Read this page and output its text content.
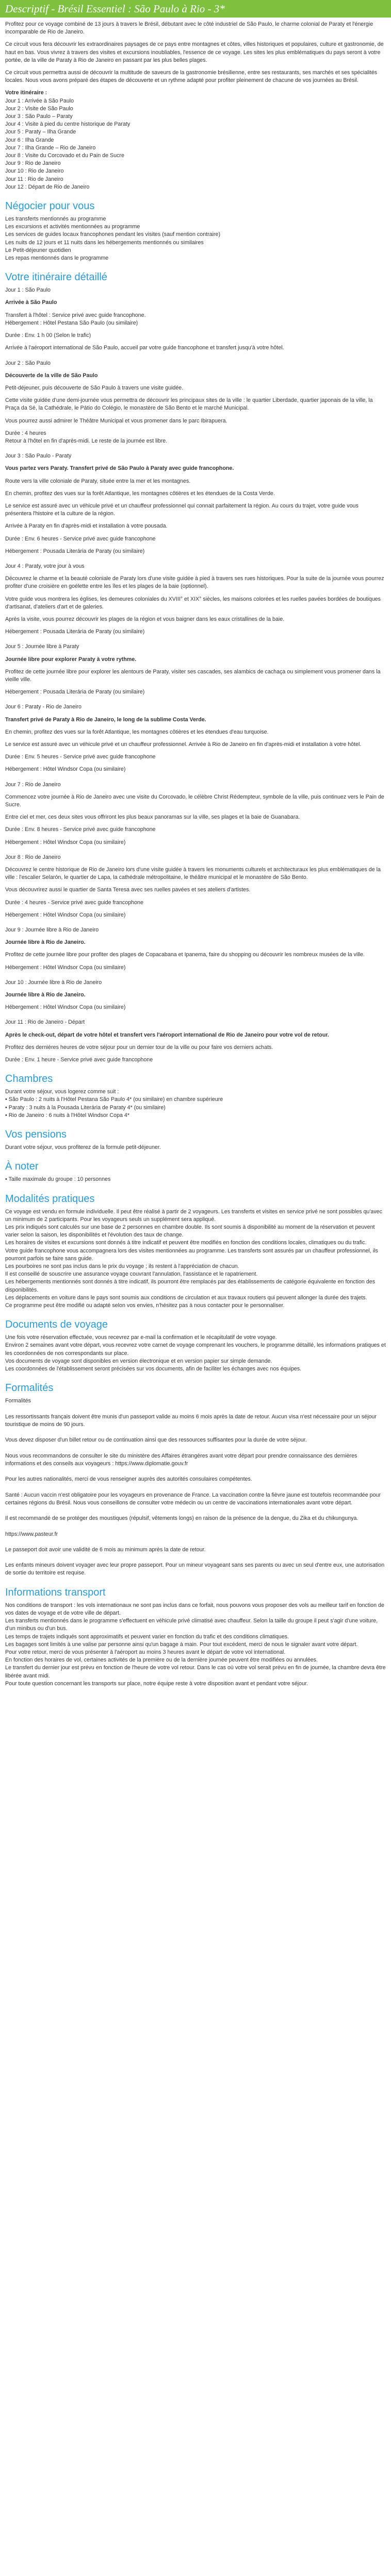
Descriptif - Brésil Essentiel : São Paulo à Rio - 3*

Profitez pour ce voyage combiné de 13 jours à travers le Brésil, débutant avec le côté industriel de São Paulo, le charme colonial de Paraty et l'énergie incomparable de Rio de Janeiro.

Ce circuit vous fera découvrir les extraordinaires paysages de ce pays entre montagnes et côtes, villes historiques et populaires, culture et gastronomie, de haut en bas. Vous vivrez à travers des visites et excursions inoubliables, l'essence de ce voyage. Les sites les plus emblématiques du pays seront à votre portée, de la ville de Paraty à Rio de Janeiro en passant par les plus belles plages.

Ce circuit vous permettra aussi de découvrir la multitude de saveurs de la gastronomie brésilienne, entre ses restaurants, ses marchés et ses spécialités locales. Nous vous avons préparé des étapes de découverte et un rythme adapté pour profiter pleinement de chacune de vos journées au Brésil.

Votre itinéraire :
Jour 1 : Arrivée à São Paulo
Jour 2 : Visite de São Paulo
Jour 3 : São Paulo – Paraty
Jour 4 : Visite à pied du centre historique de Paraty
Jour 5 : Paraty – Ilha Grande
Jour 6 : Ilha Grande
Jour 7 : Ilha Grande – Rio de Janeiro
Jour 8 : Visite du Corcovado et du Pain de Sucre
Jour 9 : Rio de Janeiro
Jour 10 : Rio de Janeiro
Jour 11 : Rio de Janeiro
Jour 12 : Départ de Rio de Janeiro
Négocier pour vous
Les transferts mentionnés au programme
Les excursions et activités mentionnées au programme
Les services de guides locaux francophones pendant les visites (sauf mention contraire)
Les nuits de 12 jours et 11 nuits dans les hébergements mentionnés ou similaires
Le Petit-déjeuner quotidien
Les repas mentionnés dans le programme
Votre itinéraire détaillé
Jour 1 : São Paulo
Arrivée à São Paulo
Transfert à l'hôtel : Service privé avec guide francophone.
Hébergement : Hôtel Pestana São Paulo (ou similaire)
Durée : Env. 1 h 00 (Selon le trafic)
Arrivée à l'aéroport international de São Paulo, accueil par votre guide francophone et transfert jusqu'à votre hôtel.
Jour 2 : São Paulo
Découverte de la ville de São Paulo
Petit-déjeuner, puis découverte de São Paulo à travers une visite guidée.
Cette visite guidée d'une demi-journée vous permettra de découvrir les principaux sites de la ville : le quartier Liberdade, quartier japonais de la ville, la Praça da Sé, la Cathédrale, le Pátio do Colégio, le monastère de São Bento et le marché Municipal.
Vous pourrez aussi admirer le Théâtre Municipal et vous promener dans le parc Ibirapuera.
Durée : 4 heures
Retour à l'hôtel en fin d'après-midi. Le reste de la journée est libre.
Jour 3 : São Paulo - Paraty
Vous partez vers Paraty. Transfert privé de São Paulo à Paraty avec guide francophone.
Route vers la ville coloniale de Paraty, située entre la mer et les montagnes.
En chemin, profitez des vues sur la forêt Atlantique, les montagnes côtières et les étendues de la Costa Verde.
Le service est assuré avec un véhicule privé et un chauffeur professionnel qui connait parfaitement la région. Au cours du trajet, votre guide vous présentera l'histoire et la culture de la région.
Arrivée à Paraty en fin d'après-midi et installation à votre pousada.
Durée : Env. 6 heures - Service privé avec guide francophone
Hébergement : Pousada Literária de Paraty (ou similaire)
Jour 4 : Paraty, votre jour à vous
Découvrez le charme et la beauté coloniale de Paraty lors d'une visite guidée à pied à travers ses rues historiques. Pour la suite de la journée vous pourrez profiter d'une croisière en goélette entre les îles et les plages de la baie (optionnel).
Votre guide vous montrera les églises, les demeures coloniales du XVIII° et XIX° siècles, les maisons colorées et les ruelles pavées bordées de boutiques d'artisanat, d'ateliers d'art et de galeries.
Après la visite, vous pourrez découvrir les plages de la région et vous baigner dans les eaux cristallines de la baie.
Hébergement : Pousada Literária de Paraty (ou similaire)
Jour 5 : Journée libre à Paraty
Journée libre pour explorer Paraty à votre rythme.
Profitez de cette journée libre pour explorer les alentours de Paraty, visiter ses cascades, ses alambics de cachaça ou simplement vous promener dans la vieille ville.
Hébergement : Pousada Literária de Paraty (ou similaire)
Jour 6 : Paraty - Rio de Janeiro
Transfert privé de Paraty à Rio de Janeiro, le long de la sublime Costa Verde.
En chemin, profitez des vues sur la forêt Atlantique, les montagnes côtières et les étendues d'eau turquoise.
Le service est assuré avec un véhicule privé et un chauffeur professionnel. Arrivée à Rio de Janeiro en fin d'après-midi et installation à votre hôtel.
Durée : Env. 5 heures - Service privé avec guide francophone
Hébergement : Hôtel Windsor Copa (ou similaire)
Jour 7 : Rio de Janeiro
Commencez votre journée à Rio de Janeiro avec une visite du Corcovado, le célèbre Christ Rédempteur, symbole de la ville, puis continuez vers le Pain de Sucre.
Entre ciel et mer, ces deux sites vous offriront les plus beaux panoramas sur la ville, ses plages et la baie de Guanabara.
Durée : Env. 8 heures - Service privé avec guide francophone
Hébergement : Hôtel Windsor Copa (ou similaire)
Jour 8 : Rio de Janeiro
Découvrez le centre historique de Rio de Janeiro lors d'une visite guidée à travers les monuments culturels et architecturaux les plus emblématiques de la ville : l'escalier Selarón, le quartier de Lapa, la cathédrale métropolitaine, le théâtre municipal et le monastère de São Bento.
Vous découvrirez aussi le quartier de Santa Teresa avec ses ruelles pavées et ses ateliers d'artistes.
Durée : 4 heures - Service privé avec guide francophone
Hébergement : Hôtel Windsor Copa (ou similaire)
Jour 9 : Journée libre à Rio de Janeiro
Journée libre à Rio de Janeiro.
Profitez de cette journée libre pour profiter des plages de Copacabana et Ipanema, faire du shopping ou découvrir les nombreux musées de la ville.
Hébergement : Hôtel Windsor Copa (ou similaire)
Jour 10 : Journée libre à Rio de Janeiro
Journée libre à Rio de Janeiro.
Hébergement : Hôtel Windsor Copa (ou similaire)
Jour 11 : Rio de Janeiro - Départ
Après le check-out, départ de votre hôtel et transfert vers l'aéroport international de Rio de Janeiro pour votre vol de retour.
Profitez des dernières heures de votre séjour pour un dernier tour de la ville ou pour faire vos derniers achats.
Durée : Env. 1 heure - Service privé avec guide francophone
Chambres
Durant votre séjour, vous logerez comme suit :
• São Paulo : 2 nuits à l'Hôtel Pestana São Paulo 4* (ou similaire) en chambre supérieure
• Paraty : 3 nuits à la Pousada Literária de Paraty 4* (ou similaire)
• Rio de Janeiro : 6 nuits à l'Hôtel Windsor Copa 4*
Vos pensions
Durant votre séjour, vous profiterez de la formule petit-déjeuner.
À noter
• Taille maximale du groupe : 10 personnes
Modalités pratiques
Ce voyage est vendu en formule individuelle. Il peut être réalisé à partir de 2 voyageurs. Les transferts et visites en service privé ne sont possibles qu'avec un minimum de 2 participants. Pour les voyageurs seuls un supplément sera appliqué.
Les prix indiqués sont calculés sur une base de 2 personnes en chambre double. Ils sont soumis à disponibilité au moment de la réservation et peuvent varier selon la saison, les disponibilités et l'évolution des taux de change.
Les horaires de visites et excursions sont donnés à titre indicatif et peuvent être modifiés en fonction des conditions locales, climatiques ou du trafic.
Votre guide francophone vous accompagnera lors des visites mentionnées au programme. Les transferts sont assurés par un chauffeur professionnel, ils pourront parfois se faire sans guide.
Les pourboires ne sont pas inclus dans le prix du voyage ; ils restent à l'appréciation de chacun.
Il est conseillé de souscrire une assurance voyage couvrant l'annulation, l'assistance et le rapatriement.
Les hébergements mentionnés sont donnés à titre indicatif, ils pourront être remplacés par des établissements de catégorie équivalente en fonction des disponibilités.
Les déplacements en voiture dans le pays sont soumis aux conditions de circulation et aux travaux routiers qui peuvent allonger la durée des trajets.
Ce programme peut être modifié ou adapté selon vos envies, n'hésitez pas à nous contacter pour le personnaliser.
Documents de voyage
Une fois votre réservation effectuée, vous recevrez par e-mail la confirmation et le récapitulatif de votre voyage.
Environ 2 semaines avant votre départ, vous recevrez votre carnet de voyage comprenant les vouchers, le programme détaillé, les informations pratiques et les coordonnées de nos correspondants sur place.
Vos documents de voyage sont disponibles en version électronique et en version papier sur simple demande.
Les coordonnées de l'établissement seront précisées sur vos documents, afin de faciliter les échanges avec nos équipes.
Formalités
Formalités
Les ressortissants français doivent être munis d'un passeport valide au moins 6 mois après la date de retour. Aucun visa n'est nécessaire pour un séjour touristique de moins de 90 jours.
Vous devez disposer d'un billet retour ou de continuation ainsi que des ressources suffisantes pour la durée de votre séjour.
Nous vous recommandons de consulter le site du ministère des Affaires étrangères avant votre départ pour prendre connaissance des dernières informations et des conseils aux voyageurs : https://www.diplomatie.gouv.fr
Pour les autres nationalités, merci de vous renseigner auprès des autorités consulaires compétentes.
Santé : Aucun vaccin n'est obligatoire pour les voyageurs en provenance de France. La vaccination contre la fièvre jaune est toutefois recommandée pour certaines régions du Brésil. Nous vous conseillons de consulter votre médecin ou un centre de vaccinations internationales avant votre départ.
Il est recommandé de se protéger des moustiques (répulsif, vêtements longs) en raison de la présence de la dengue, du Zika et du chikungunya.
https://www.pasteur.fr
Le passeport doit avoir une validité de 6 mois au minimum après la date de retour.
Les enfants mineurs doivent voyager avec leur propre passeport. Pour un mineur voyageant sans ses parents ou avec un seul d'entre eux, une autorisation de sortie du territoire est requise.
Informations transport
Nos conditions de transport : les vols internationaux ne sont pas inclus dans ce forfait, nous pouvons vous proposer des vols au meilleur tarif en fonction de vos dates de voyage et de votre ville de départ.
Les transferts mentionnés dans le programme s'effectuent en véhicule privé climatisé avec chauffeur. Selon la taille du groupe il peut s'agir d'une voiture, d'un minibus ou d'un bus.
Les temps de trajets indiqués sont approximatifs et peuvent varier en fonction du trafic et des conditions climatiques.
Les bagages sont limités à une valise par personne ainsi qu'un bagage à main. Pour tout excédent, merci de nous le signaler avant votre départ.
Pour votre retour, merci de vous présenter à l'aéroport au moins 3 heures avant le départ de votre vol international.
En fonction des horaires de vol, certaines activités de la première ou de la dernière journée peuvent être modifiées ou annulées.
Le transfert du dernier jour est prévu en fonction de l'heure de votre vol retour. Dans le cas où votre vol serait prévu en fin de journée, la chambre devra être libérée avant midi.
Pour toute question concernant les transports sur place, notre équipe reste à votre disposition avant et pendant votre séjour.
